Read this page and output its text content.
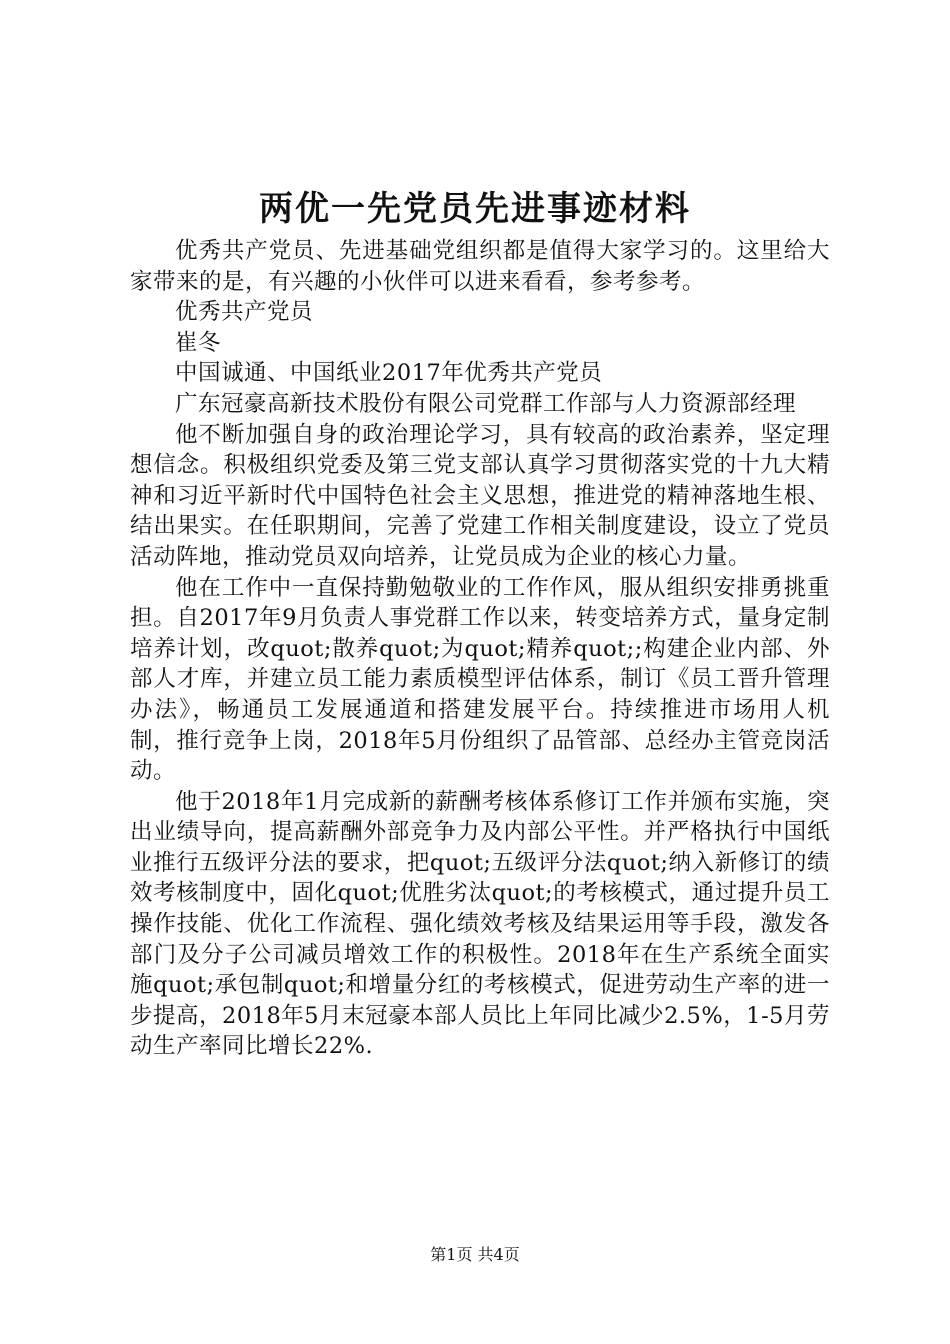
两优一先党员先进事迹材料

优秀共产党员、先进基础党组织都是值得大家学习的。这里给大家带来的是，有兴趣的小伙伴可以进来看看，参考参考。

优秀共产党员

崔冬

中国诚通、中国纸业2017年优秀共产党员

广东冠豪高新技术股份有限公司党群工作部与人力资源部经理

他不断加强自身的政治理论学习，具有较高的政治素养，坚定理想信念。积极组织党委及第三党支部认真学习贯彻落实党的十九大精神和习近平新时代中国特色社会主义思想，推进党的精神落地生根、结出果实。在任职期间，完善了党建工作相关制度建设，设立了党员活动阵地，推动党员双向培养，让党员成为企业的核心力量。

他在工作中一直保持勤勉敬业的工作作风，服从组织安排勇挑重担。自2017年9月负责人事党群工作以来，转变培养方式，量身定制培养计划，改quot;散养quot;为quot;精养quot;;构建企业内部、外部人才库，并建立员工能力素质模型评估体系，制订《员工晋升管理办法》，畅通员工发展通道和搭建发展平台。持续推进市场用人机制，推行竞争上岗，2018年5月份组织了品管部、总经办主管竞岗活动。

他于2018年1月完成新的薪酬考核体系修订工作并颁布实施，突出业绩导向，提高薪酬外部竞争力及内部公平性。并严格执行中国纸业推行五级评分法的要求，把quot;五级评分法quot;纳入新修订的绩效考核制度中，固化quot;优胜劣汰quot;的考核模式，通过提升员工操作技能、优化工作流程、强化绩效考核及结果运用等手段，激发各部门及分子公司减员增效工作的积极性。2018年在生产系统全面实施quot;承包制quot;和增量分红的考核模式，促进劳动生产率的进一步提高，2018年5月末冠豪本部人员比上年同比减少2.5%，1-5月劳动生产率同比增长22%.

第1页 共4页
